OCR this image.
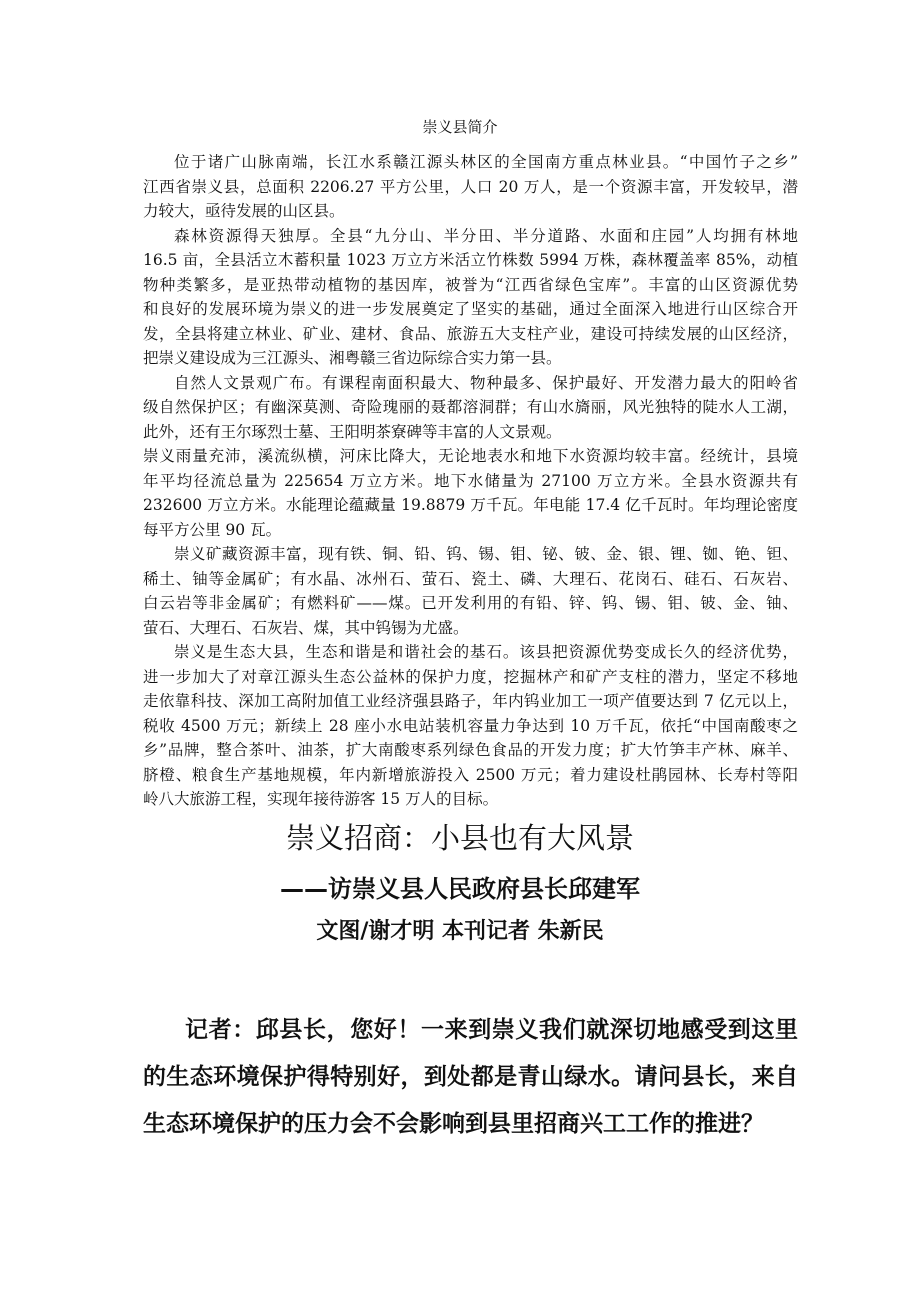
崇义县简介
位于诸广山脉南端，长江水系赣江源头林区的全国南方重点林业县。“中国竹子之乡”
江西省崇义县，总面积 2206.27 平方公里，人口 20 万人，是一个资源丰富，开发较早，潜
力较大，亟待发展的山区县。
森林资源得天独厚。全县“九分山、半分田、半分道路、水面和庄园”人均拥有林地
16.5 亩，全县活立木蓄积量 1023 万立方米活立竹株数 5994 万株，森林覆盖率 85%，动植
物种类繁多，是亚热带动植物的基因库，被誉为“江西省绿色宝库”。丰富的山区资源优势
和良好的发展环境为崇义的进一步发展奠定了坚实的基础，通过全面深入地进行山区综合开
发，全县将建立林业、矿业、建材、食品、旅游五大支柱产业，建设可持续发展的山区经济，
把崇义建设成为三江源头、湘粤赣三省边际综合实力第一县。
自然人文景观广布。有课程南面积最大、物种最多、保护最好、开发潜力最大的阳岭省
级自然保护区；有幽深莫测、奇险瑰丽的聂都溶洞群；有山水旖丽，风光独特的陡水人工湖，
此外，还有王尔琢烈士墓、王阳明茶寮碑等丰富的人文景观。
崇义雨量充沛，溪流纵横，河床比降大，无论地表水和地下水资源均较丰富。经统计，县境
年平均径流总量为 225654 万立方米。地下水储量为 27100 万立方米。全县水资源共有
232600 万立方米。水能理论蕴藏量 19.8879 万千瓦。年电能 17.4 亿千瓦时。年均理论密度
每平方公里 90 瓦。
崇义矿藏资源丰富，现有铁、铜、铅、钨、锡、钼、铋、铍、金、银、锂、铷、铯、钽、
稀土、铀等金属矿；有水晶、冰州石、萤石、瓷土、磷、大理石、花岗石、硅石、石灰岩、
白云岩等非金属矿；有燃料矿——煤。已开发利用的有铅、锌、钨、锡、钼、铍、金、铀、
萤石、大理石、石灰岩、煤，其中钨锡为尤盛。
崇义是生态大县，生态和谐是和谐社会的基石。该县把资源优势变成长久的经济优势，
进一步加大了对章江源头生态公益林的保护力度，挖掘林产和矿产支柱的潜力，坚定不移地
走依靠科技、深加工高附加值工业经济强县路子，年内钨业加工一项产值要达到 7 亿元以上，
税收 4500 万元；新续上 28 座小水电站装机容量力争达到 10 万千瓦，依托“中国南酸枣之
乡”品牌，整合茶叶、油茶，扩大南酸枣系列绿色食品的开发力度；扩大竹笋丰产林、麻羊、
脐橙、粮食生产基地规模，年内新增旅游投入 2500 万元；着力建设杜鹃园林、长寿村等阳
岭八大旅游工程，实现年接待游客 15 万人的目标。
崇义招商：小县也有大风景
——访崇义县人民政府县长邱建军
文图/谢才明 本刊记者 朱新民
记者：邱县长，您好！一来到崇义我们就深切地感受到这里
的生态环境保护得特别好，到处都是青山绿水。请问县长，来自
生态环境保护的压力会不会影响到县里招商兴工工作的推进？
